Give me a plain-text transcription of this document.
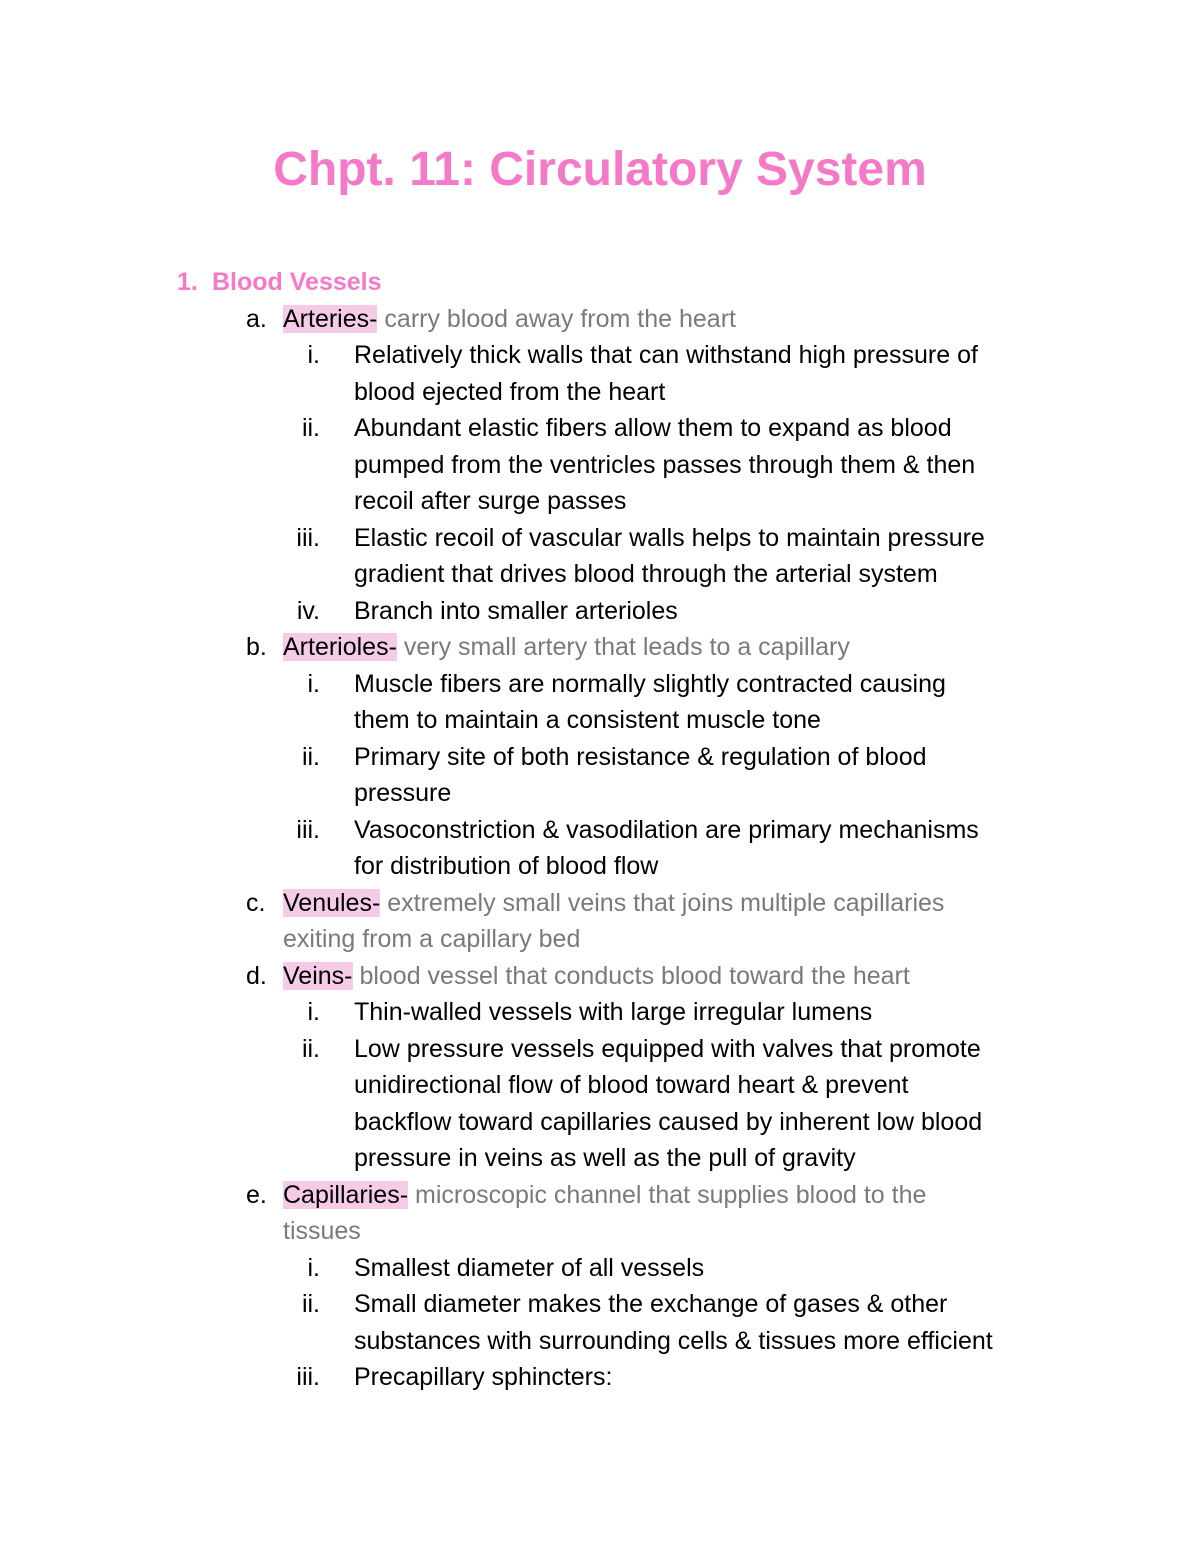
Chpt. 11: Circulatory System
1. Blood Vessels
a. Arteries- carry blood away from the heart
i.	Relatively thick walls that can withstand high pressure of
blood ejected from the heart
ii.	Abundant elastic fibers allow them to expand as blood
pumped from the ventricles passes through them & then
recoil after surge passes
iii.	Elastic recoil of vascular walls helps to maintain pressure
gradient that drives blood through the arterial system
iv.	Branch into smaller arterioles
b. Arterioles- very small artery that leads to a capillary
i.	Muscle fibers are normally slightly contracted causing
them to maintain a consistent muscle tone
ii.	Primary site of both resistance & regulation of blood
pressure
iii.	Vasoconstriction & vasodilation are primary mechanisms
for distribution of blood flow
c. Venules- extremely small veins that joins multiple capillaries
exiting from a capillary bed
d. Veins- blood vessel that conducts blood toward the heart
i.	Thin-walled vessels with large irregular lumens
ii.	Low pressure vessels equipped with valves that promote
unidirectional flow of blood toward heart & prevent
backflow toward capillaries caused by inherent low blood
pressure in veins as well as the pull of gravity
e. Capillaries- microscopic channel that supplies blood to the
tissues
i.	Smallest diameter of all vessels
ii.	Small diameter makes the exchange of gases & other
substances with surrounding cells & tissues more efficient
iii.	Precapillary sphincters:
